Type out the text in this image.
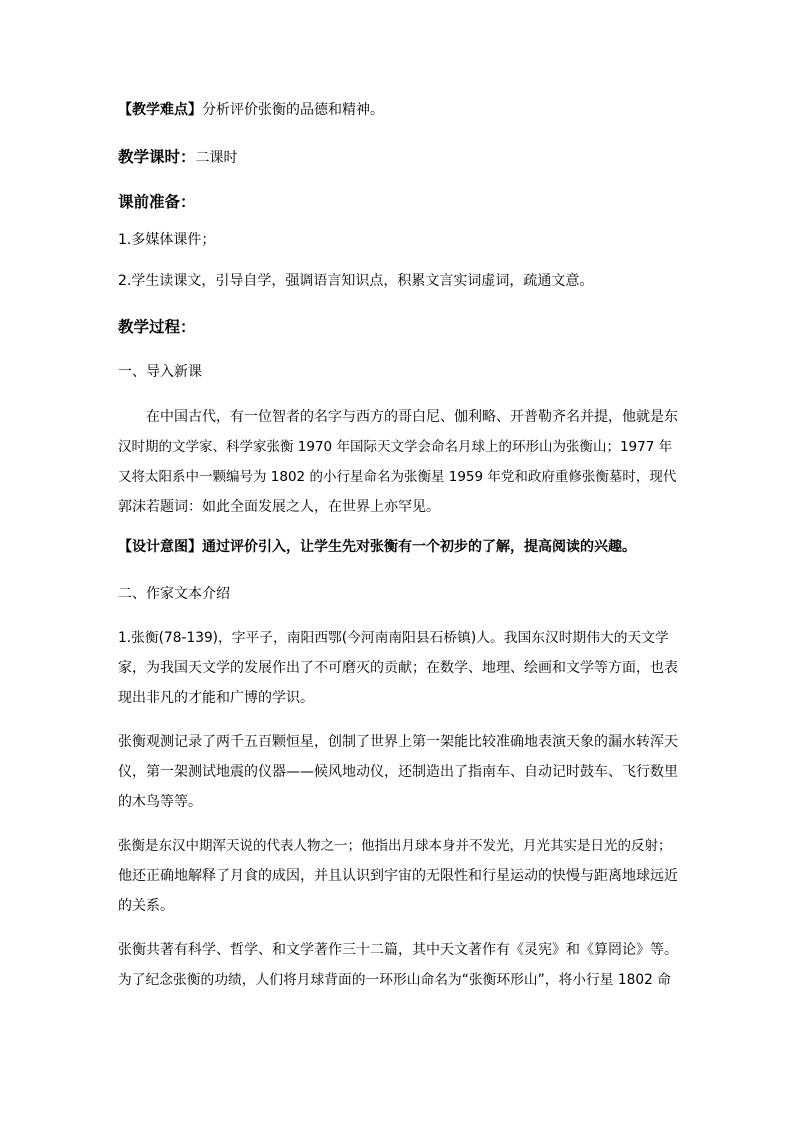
【教学难点】分析评价张衡的品德和精神。

教学课时：二课时

课前准备：

1.多媒体课件；

2.学生读课文，引导自学，强调语言知识点，积累文言实词虚词，疏通文意。

教学过程：

一、导入新课

在中国古代，有一位智者的名字与西方的哥白尼、伽利略、开普勒齐名并提，他就是东

汉时期的文学家、科学家张衡 1970 年国际天文学会命名月球上的环形山为张衡山；1977 年

又将太阳系中一颗编号为 1802 的小行星命名为张衡星 1959 年党和政府重修张衡墓时，现代

郭沫若题词：如此全面发展之人，在世界上亦罕见。

【设计意图】通过评价引入，让学生先对张衡有一个初步的了解，提高阅读的兴趣。

二、作家文本介绍

1.张衡(78-139)，字平子，南阳西鄂(今河南南阳县石桥镇)人。我国东汉时期伟大的天文学

家，为我国天文学的发展作出了不可磨灭的贡献；在数学、地理、绘画和文学等方面，也表

现出非凡的才能和广博的学识。

张衡观测记录了两千五百颗恒星，创制了世界上第一架能比较准确地表演天象的漏水转浑天

仪，第一架测试地震的仪器——候风地动仪，还制造出了指南车、自动记时鼓车、飞行数里

的木鸟等等。

张衡是东汉中期浑天说的代表人物之一；他指出月球本身并不发光，月光其实是日光的反射；

他还正确地解释了月食的成因，并且认识到宇宙的无限性和行星运动的快慢与距离地球远近

的关系。

张衡共著有科学、哲学、和文学著作三十二篇，其中天文著作有《灵宪》和《算罔论》等。

为了纪念张衡的功绩，人们将月球背面的一环形山命名为“张衡环形山”，将小行星 1802 命
